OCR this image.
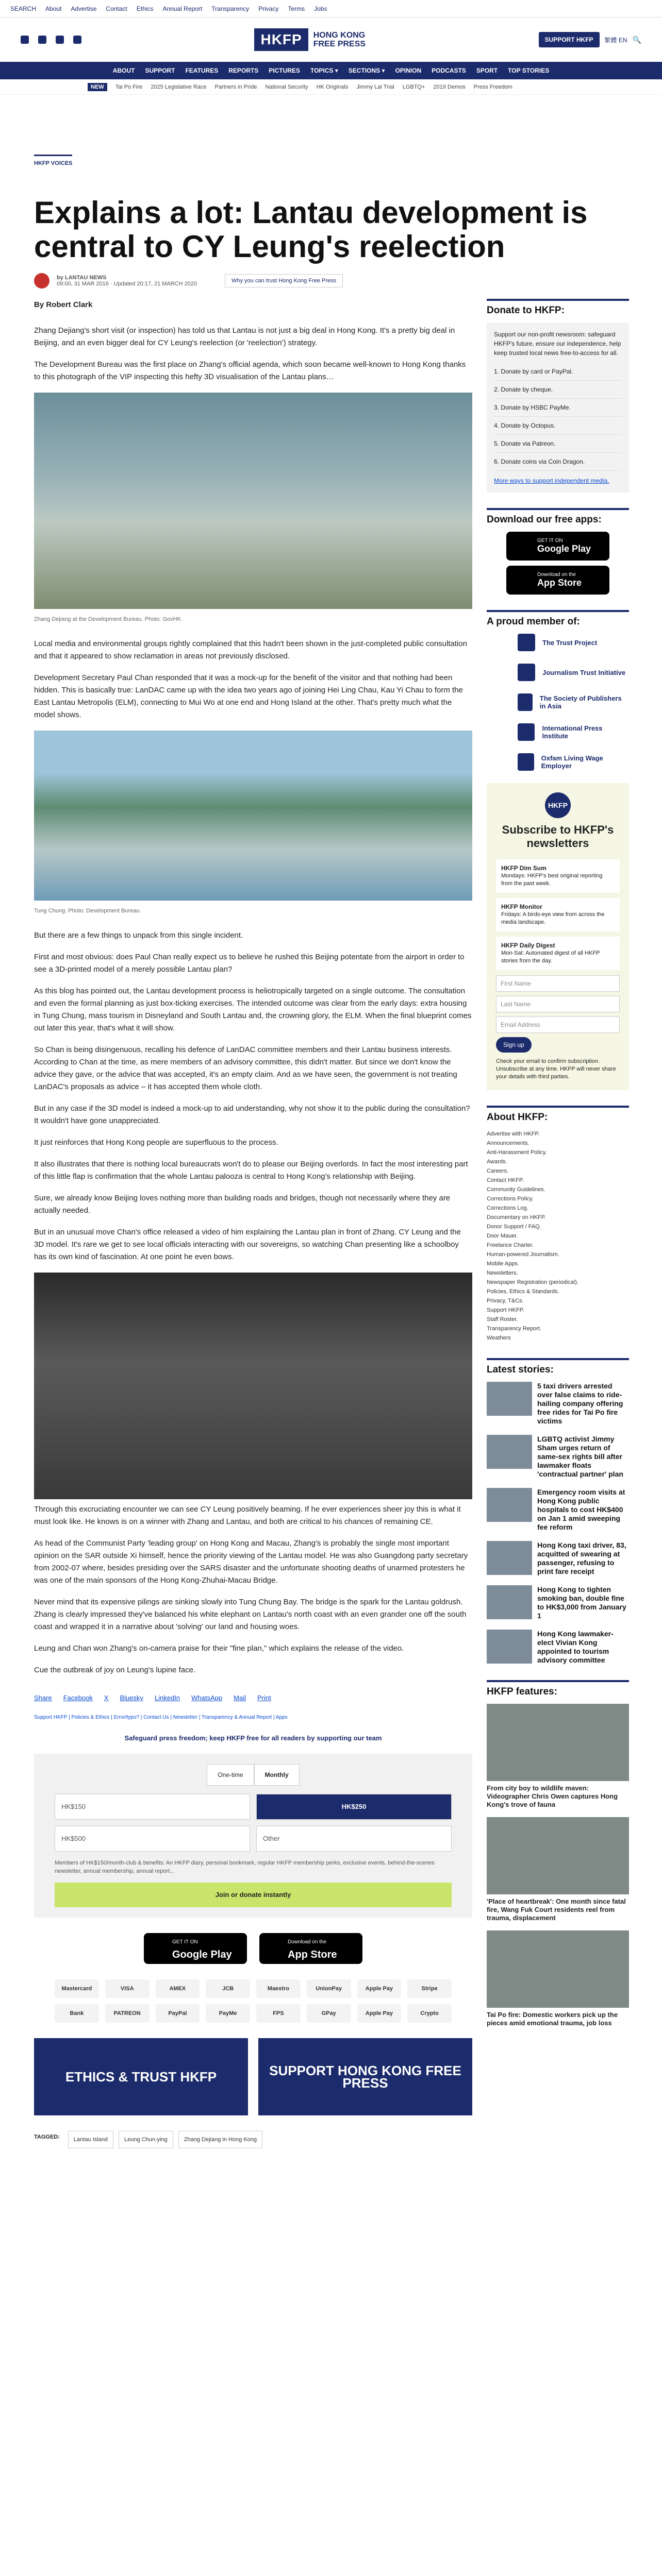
SEARCH About Advertise Contact Ethics Annual Report Transparency Privacy Terms Jobs
HKFP	HONG KONG
FREE PRESS	SUPPORT HKFP	繁體 EN 🔍
ABOUT SUPPORT FEATURES REPORTS PICTURES TOPICS ▾ SECTIONS ▾ OPINION PODCASTS SPORT TOP STORIES
NEW	Tai Po Fire 2025 Legislative Race Partners in Pride National Security HK Originals Jimmy Lai Trial LGBTQ+ 2019 Demos Press Freedom
HKFP VOICES
Explains a lot: Lantau development is central to CY Leung's reelection
by LANTAU NEWS
09:00, 31 MAR 2016 · Updated 20:17, 21 MARCH 2020	Why you can trust Hong Kong Free Press

By Robert Clark

Zhang Dejiang's short visit (or inspection) has told us that Lantau is not just a big deal in Hong Kong. It's a pretty big deal in Beijing, and an even bigger deal for CY Leung's reelection (or 'reelection') strategy.

The Development Bureau was the first place on Zhang's official agenda, which soon became well-known to Hong Kong thanks to this photograph of the VIP inspecting this hefty 3D visualisation of the Lantau plans…

Zhang Dejiang at the Development Bureau. Photo: GovHK.

Local media and environmental groups rightly complained that this hadn't been shown in the just-completed public consultation and that it appeared to show reclamation in areas not previously disclosed.

Development Secretary Paul Chan responded that it was a mock-up for the benefit of the visitor and that nothing had been hidden. This is basically true: LanDAC came up with the idea two years ago of joining Hei Ling Chau, Kau Yi Chau to form the East Lantau Metropolis (ELM), connecting to Mui Wo at one end and Hong Island at the other. That's pretty much what the model shows.

Tung Chung. Photo: Development Bureau.

But there are a few things to unpack from this single incident.

First and most obvious: does Paul Chan really expect us to believe he rushed this Beijing potentate from the airport in order to see a 3D-printed model of a merely possible Lantau plan?

As this blog has pointed out, the Lantau development process is heliotropically targeted on a single outcome. The consultation and even the formal planning as just box-ticking exercises. The intended outcome was clear from the early days: extra housing in Tung Chung, mass tourism in Disneyland and South Lantau and, the crowning glory, the ELM. When the final blueprint comes out later this year, that's what it will show.

So Chan is being disingenuous, recalling his defence of LanDAC committee members and their Lantau business interests. According to Chan at the time, as mere members of an advisory committee, this didn't matter. But since we don't know the advice they gave, or the advice that was accepted, it's an empty claim. And as we have seen, the government is not treating LanDAC's proposals as advice – it has accepted them whole cloth.

But in any case if the 3D model is indeed a mock-up to aid understanding, why not show it to the public during the consultation? It wouldn't have gone unappreciated.

It just reinforces that Hong Kong people are superfluous to the process.

It also illustrates that there is nothing local bureaucrats won't do to please our Beijing overlords. In fact the most interesting part of this little flap is confirmation that the whole Lantau palooza is central to Hong Kong's relationship with Beijing.

Sure, we already know Beijing loves nothing more than building roads and bridges, though not necessarily where they are actually needed.

But in an unusual move Chan's office released a video of him explaining the Lantau plan in front of Zhang. CY Leung and the 3D model. It's rare we get to see local officials interacting with our sovereigns, so watching Chan presenting like a schoolboy has its own kind of fascination. At one point he even bows.

Through this excruciating encounter we can see CY Leung positively beaming. If he ever experiences sheer joy this is what it must look like. He knows is on a winner with Zhang and Lantau, and both are critical to his chances of remaining CE.

As head of the Communist Party 'leading group' on Hong Kong and Macau, Zhang's is probably the single most important opinion on the SAR outside Xi himself, hence the priority viewing of the Lantau model. He was also Guangdong party secretary from 2002-07 where, besides presiding over the SARS disaster and the unfortunate shooting deaths of unarmed protesters he was one of the main sponsors of the Hong Kong-Zhuhai-Macau Bridge.

Never mind that its expensive pilings are sinking slowly into Tung Chung Bay. The bridge is the spark for the Lantau goldrush. Zhang is clearly impressed they've balanced his white elephant on Lantau's north coast with an even grander one off the south coast and wrapped it in a narrative about 'solving' our land and housing woes.

Leung and Chan won Zhang's on-camera praise for their "fine plan," which explains the release of the video.

Cue the outbreak of joy on Leung's lupine face.

Share Facebook X Bluesky LinkedIn WhatsApp Mail Print
Support HKFP | Policies & Ethics | Error/typo? | Contact Us | Newsletter | Transparency & Annual Report | Apps
Safeguard press freedom; keep HKFP free for all readers by supporting our team
One-time	Monthly
HK$150	HK$250
HK$500	Other
Members of HK$150/month-club & benefits: An HKFP diary, personal bookmark, regular HKFP membership perks, exclusive events, behind-the-scenes newsletter, annual membership, annual report...
Join or donate instantly
GET IT ON
Google Play
Download on the
App Store
Mastercard	VISA	AMEX	JCB	Maestro	UnionPay	Apple Pay	Stripe
Bank	PATREON	PayPal	PayMe	FPS	GPay	Apple Pay	Crypto
ETHICS & TRUST HKFP	SUPPORT HONG KONG FREE PRESS
TAGGED:	Lantau Island	Leung Chun-ying	Zhang Dejiang in Hong Kong
Donate to HKFP:

Support our non-profit newsroom: safeguard HKFP's future, ensure our independence, help keep trusted local news free-to-access for all.

1. Donate by card or PayPal.
2. Donate by cheque.
3. Donate by HSBC PayMe.
4. Donate by Octopus.
5. Donate via Patreon.
6. Donate coins via Coin Dragon.
More ways to support independent media.
Download our free apps:
GET IT ON
Google Play
Download on the
App Store
A proud member of:
The Trust Project
Journalism Trust Initiative
The Society of Publishers in Asia
International Press Institute
Oxfam Living Wage Employer
HKFP
Subscribe to HKFP's newsletters
HKFP Dim Sum
Mondays: HKFP's best original reporting from the past week.
HKFP Monitor
Fridays: A birds-eye view from across the media landscape.
HKFP Daily Digest
Mon-Sat: Automated digest of all HKFP stories from the day.
First Name
Last Name
Email Address
Sign up
Check your email to confirm subscription. Unsubscribe at any time. HKFP will never share your details with third parties.
About HKFP:
Advertise with HKFP.
Announcements.
Anti-Harassment Policy.
Awards.
Careers.
Contact HKFP.
Community Guidelines.
Corrections Policy.
Corrections Log.
Documentary on HKFP.
Donor Support / FAQ.
Door Mauer.
Freelance Charter.
Human-powered Journalism.
Mobile Apps.
Newsletters.
Newspaper Registration (periodical).
Policies, Ethics & Standards.
Privacy, T&Cs.
Support HKFP.
Staff Roster.
Transparency Report.
Weathers
Latest stories:
5 taxi drivers arrested over false claims to ride-hailing company offering free rides for Tai Po fire victims
LGBTQ activist Jimmy Sham urges return of same-sex rights bill after lawmaker floats 'contractual partner' plan
Emergency room visits at Hong Kong public hospitals to cost HK$400 on Jan 1 amid sweeping fee reform
Hong Kong taxi driver, 83, acquitted of swearing at passenger, refusing to print fare receipt
Hong Kong to tighten smoking ban, double fine to HK$3,000 from January 1
Hong Kong lawmaker-elect Vivian Kong appointed to tourism advisory committee
HKFP features:
From city boy to wildlife maven: Videographer Chris Owen captures Hong Kong's trove of fauna
'Place of heartbreak': One month since fatal fire, Wang Fuk Court residents reel from trauma, displacement
Tai Po fire: Domestic workers pick up the pieces amid emotional trauma, job loss
